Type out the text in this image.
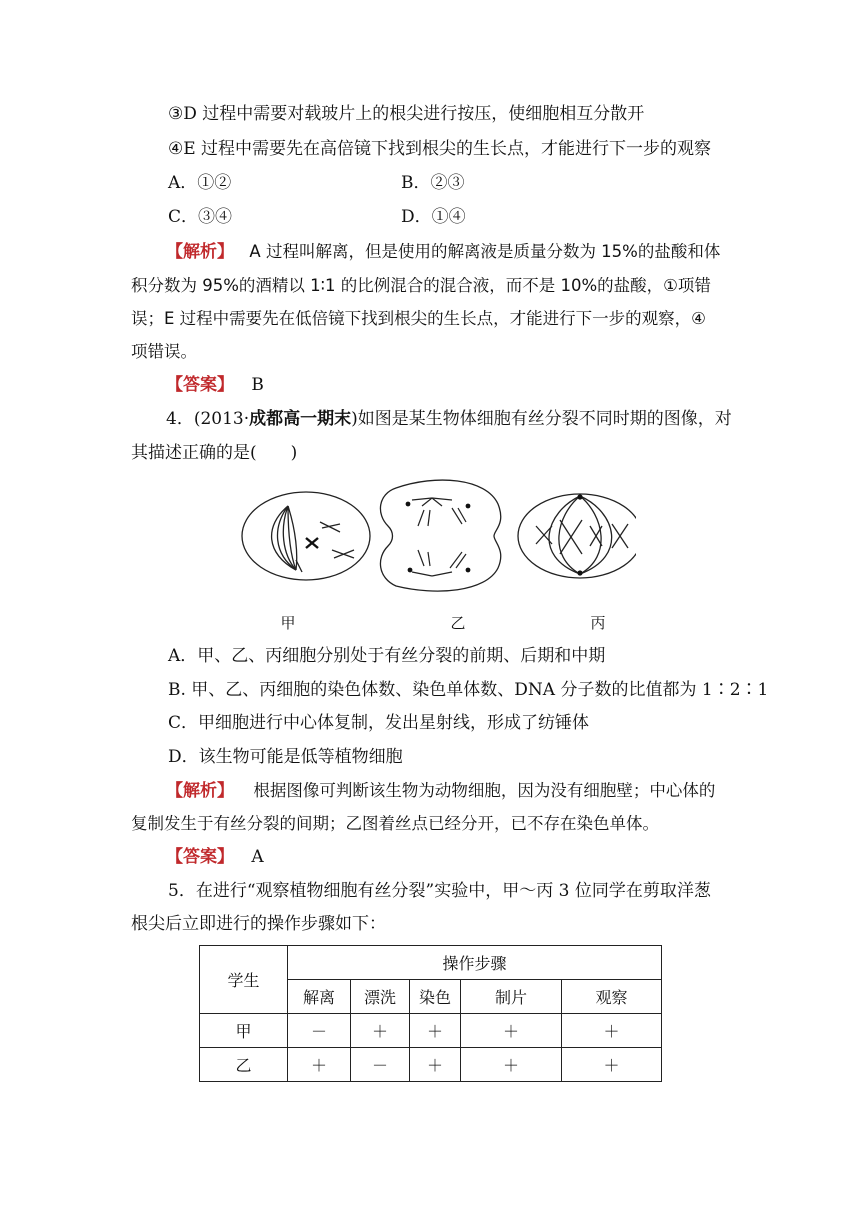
③D 过程中需要对载玻片上的根尖进行按压，使细胞相互分散开
④E 过程中需要先在高倍镜下找到根尖的生长点，才能进行下一步的观察
A．①②	B．②③
C．③④	D．①④
【解析】 A 过程叫解离，但是使用的解离液是质量分数为 15%的盐酸和体
积分数为 95%的酒精以 1∶1 的比例混合的混合液，而不是 10%的盐酸，①项错
误；E 过程中需要先在低倍镜下找到根尖的生长点，才能进行下一步的观察，④
项错误。
【答案】 B
4．(2013·成都高一期末)如图是某生物体细胞有丝分裂不同时期的图像，对
其描述正确的是(　　)
甲	乙	丙
A．甲、乙、丙细胞分别处于有丝分裂的前期、后期和中期
B. 甲、乙、丙细胞的染色体数、染色单体数、DNA 分子数的比值都为 1∶2∶1
C．甲细胞进行中心体复制，发出星射线，形成了纺锤体
D．该生物可能是低等植物细胞
【解析】 根据图像可判断该生物为动物细胞，因为没有细胞壁；中心体的
复制发生于有丝分裂的间期；乙图着丝点已经分开，已不存在染色单体。
【答案】 A
5．在进行“观察植物细胞有丝分裂”实验中，甲～丙 3 位同学在剪取洋葱
根尖后立即进行的操作步骤如下：
学生	操作步骤				
	解离	漂洗	染色	制片	观察
甲	－	＋	＋	＋	＋
乙	＋	－	＋	＋	＋
